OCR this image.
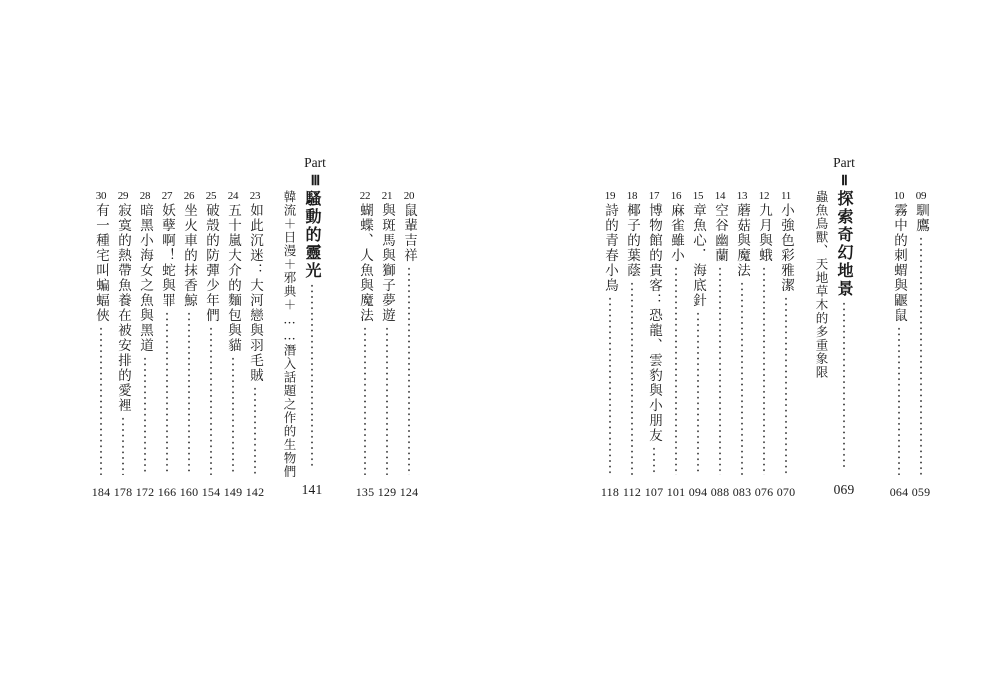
20
鼠輩吉祥
124
21
與斑馬與獅子夢遊
129
22
蝴蝶、人魚與魔法
135
Part
Ⅲ
騷動的靈光
韓流＋日漫＋邪典＋……潛入話題之作的生物們
141
23
如此沉迷：大河戀與羽毛賊
142
24
五十嵐大介的麵包與貓
149
25
破殼的防彈少年們
154
26
坐火車的抹香鯨
160
27
妖孽啊！蛇與罪
166
28
暗黑小海女之魚與黑道
172
29
寂寞的熱帶魚養在被安排的愛裡
178
30
有一種宅叫蝙蝠俠
184
09
馴鷹
059
10
霧中的刺蝟與鼴鼠
064
Part
Ⅱ
探索奇幻地景
蟲魚鳥獸、天地草木的多重象限
069
11
小強色彩雅潔
070
12
九月與蛾
076
13
蘑菇與魔法
083
14
空谷幽蘭
088
15
章魚心．海底針
094
16
麻雀雖小
101
17
博物館的貴客：恐龍、雲豹與小朋友
107
18
椰子的葉蔭
112
19
詩的青春小鳥
118
